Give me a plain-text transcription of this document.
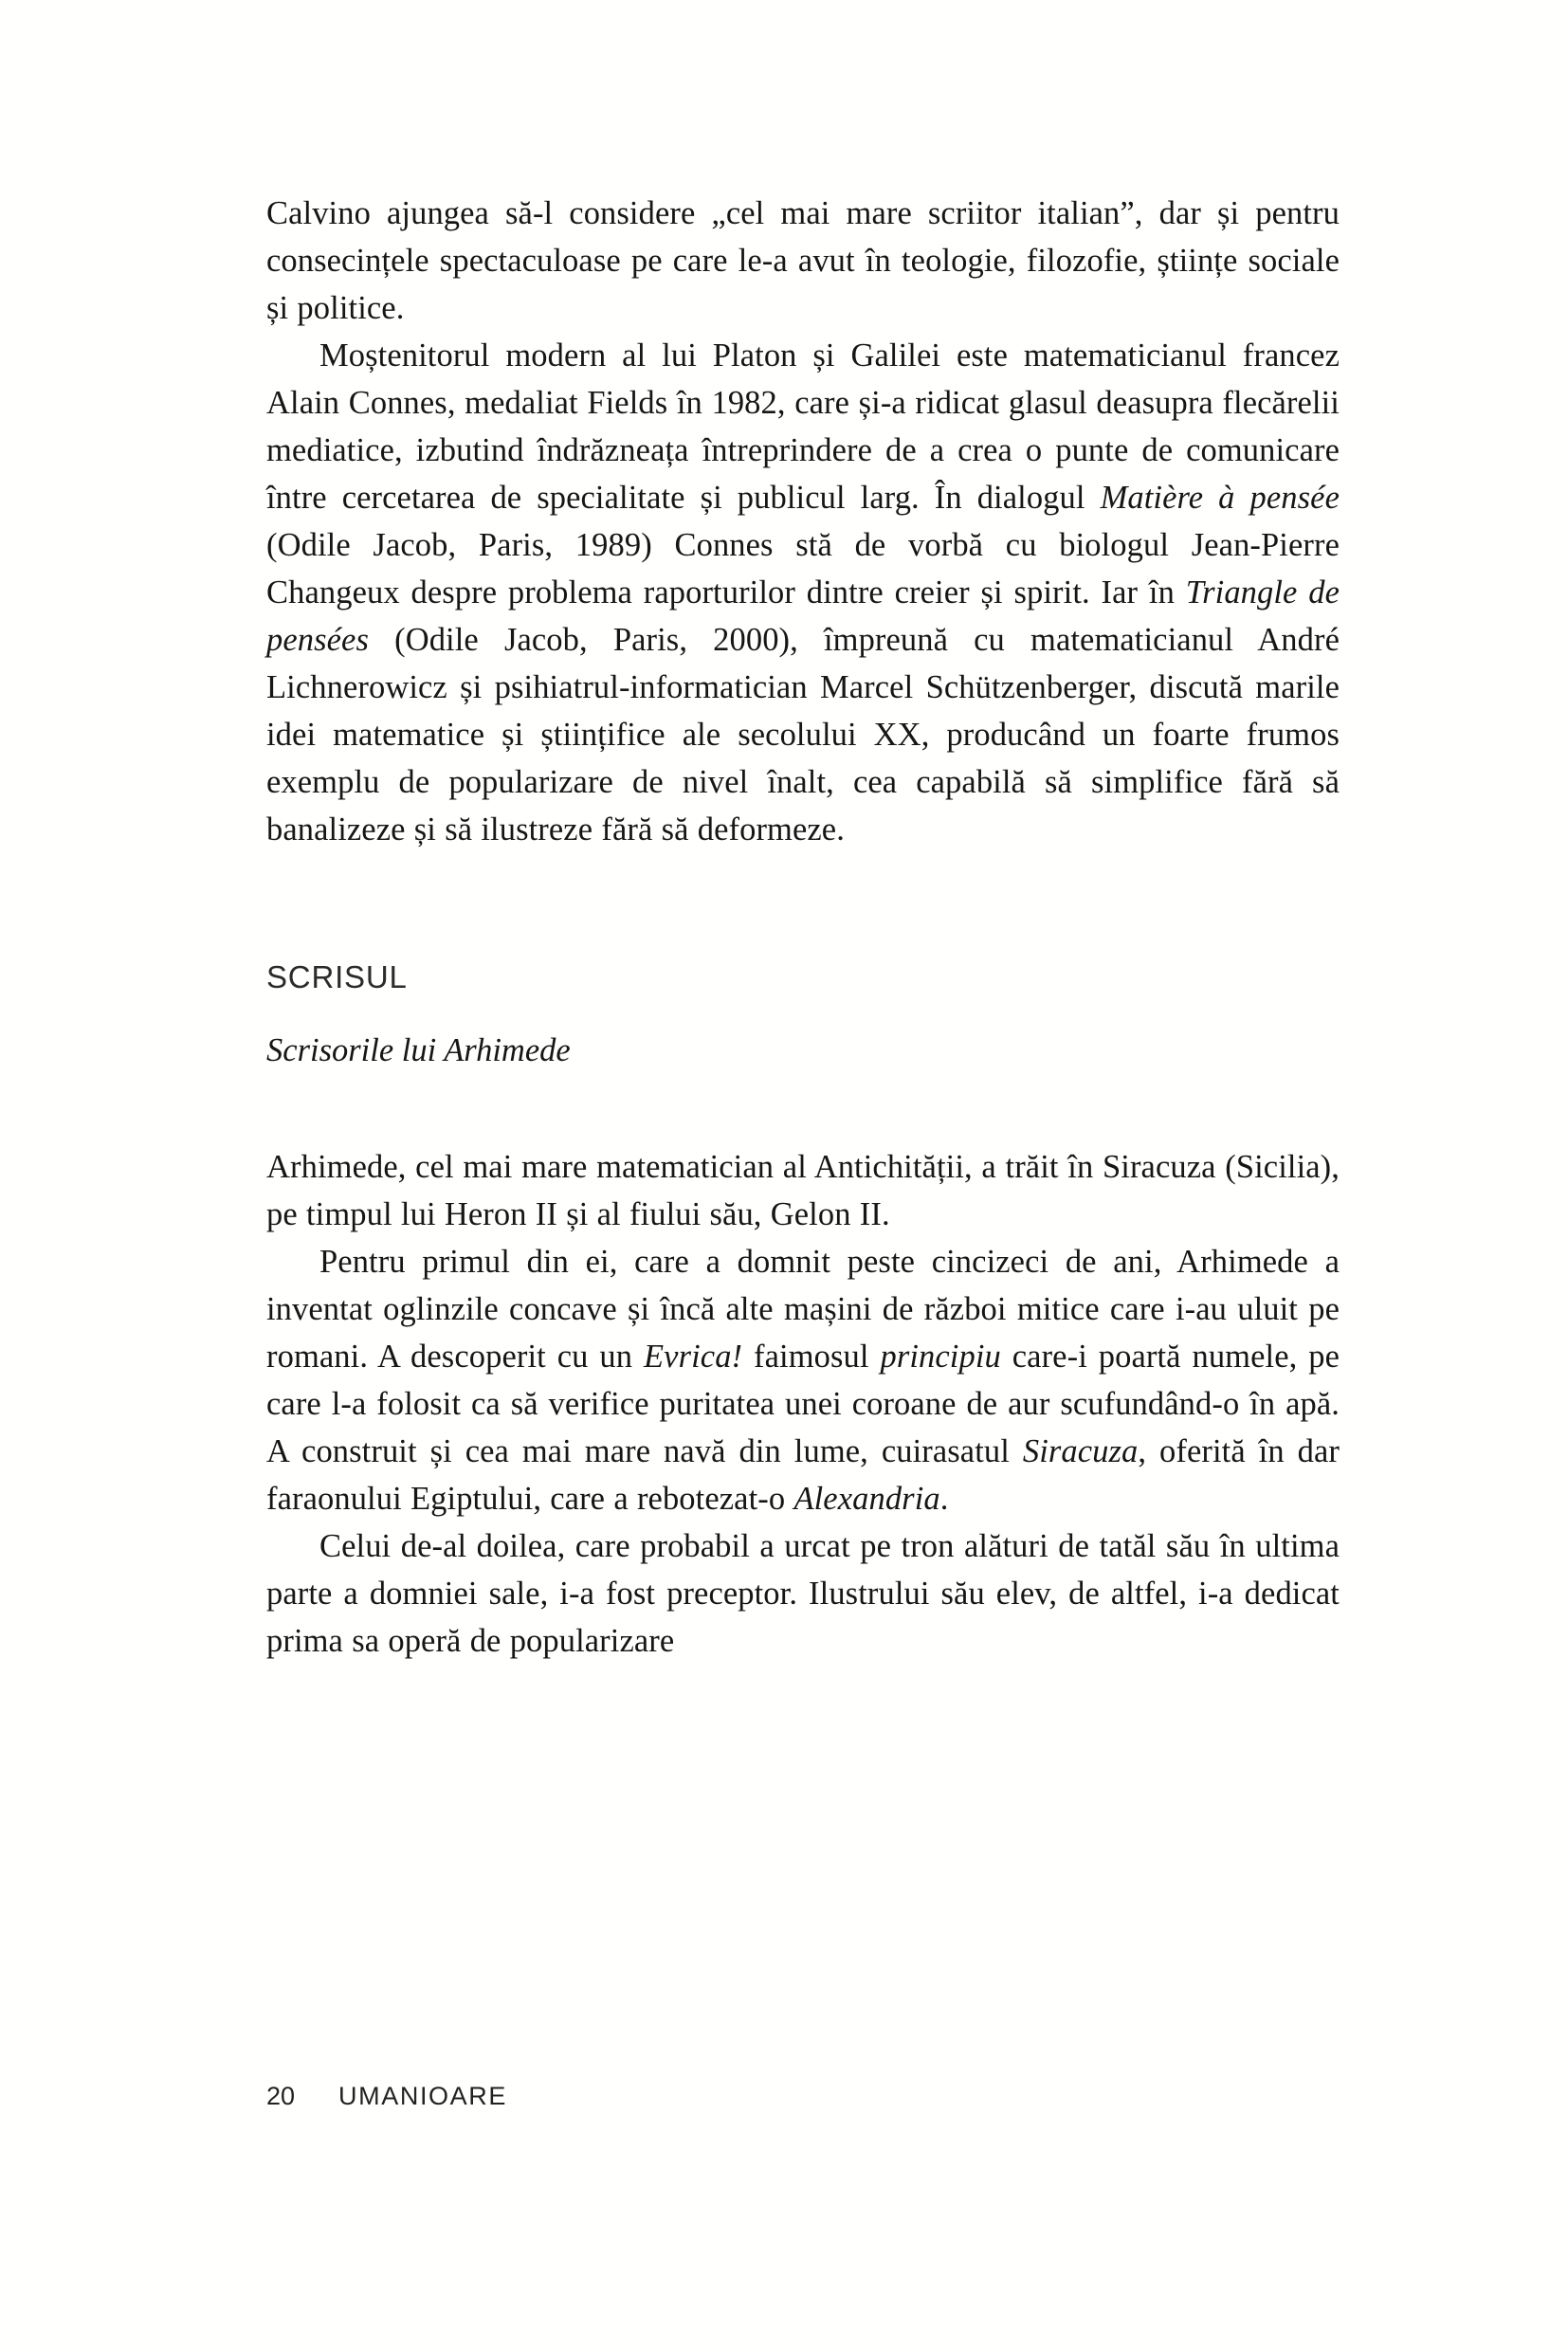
Calvino ajungea să-l considere „cel mai mare scriitor italian”, dar și pentru consecințele spectaculoase pe care le-a avut în teologie, filozofie, științe sociale și politice.

Moștenitorul modern al lui Platon și Galilei este matematicianul francez Alain Connes, medaliat Fields în 1982, care și-a ridicat glasul deasupra flecărelii mediatice, izbutind îndrăzneața întreprindere de a crea o punte de comunicare între cercetarea de specialitate și publicul larg. În dialogul Matière à pensée (Odile Jacob, Paris, 1989) Connes stă de vorbă cu biologul Jean-Pierre Changeux despre problema raporturilor dintre creier și spirit. Iar în Triangle de pensées (Odile Jacob, Paris, 2000), împreună cu matematicianul André Lichnerowicz și psihiatrul-informatician Marcel Schützenberger, discută marile idei matematice și științifice ale secolului XX, producând un foarte frumos exemplu de popularizare de nivel înalt, cea capabilă să simplifice fără să banalizeze și să ilustreze fără să deformeze.

SCRISUL
Scrisorile lui Arhimede

Arhimede, cel mai mare matematician al Antichității, a trăit în Siracuza (Sicilia), pe timpul lui Heron II și al fiului său, Gelon II.

Pentru primul din ei, care a domnit peste cincizeci de ani, Arhimede a inventat oglinzile concave și încă alte mașini de război mitice care i-au uluit pe romani. A descoperit cu un Evrica! faimosul principiu care-i poartă numele, pe care l-a folosit ca să verifice puritatea unei coroane de aur scufundând-o în apă. A construit și cea mai mare navă din lume, cuirasatul Siracuza, oferită în dar faraonului Egiptului, care a rebotezat-o Alexandria.

Celui de-al doilea, care probabil a urcat pe tron alături de tatăl său în ultima parte a domniei sale, i-a fost preceptor. Ilustrului său elev, de altfel, i-a dedicat prima sa operă de popularizare

20 UMANIOARE
